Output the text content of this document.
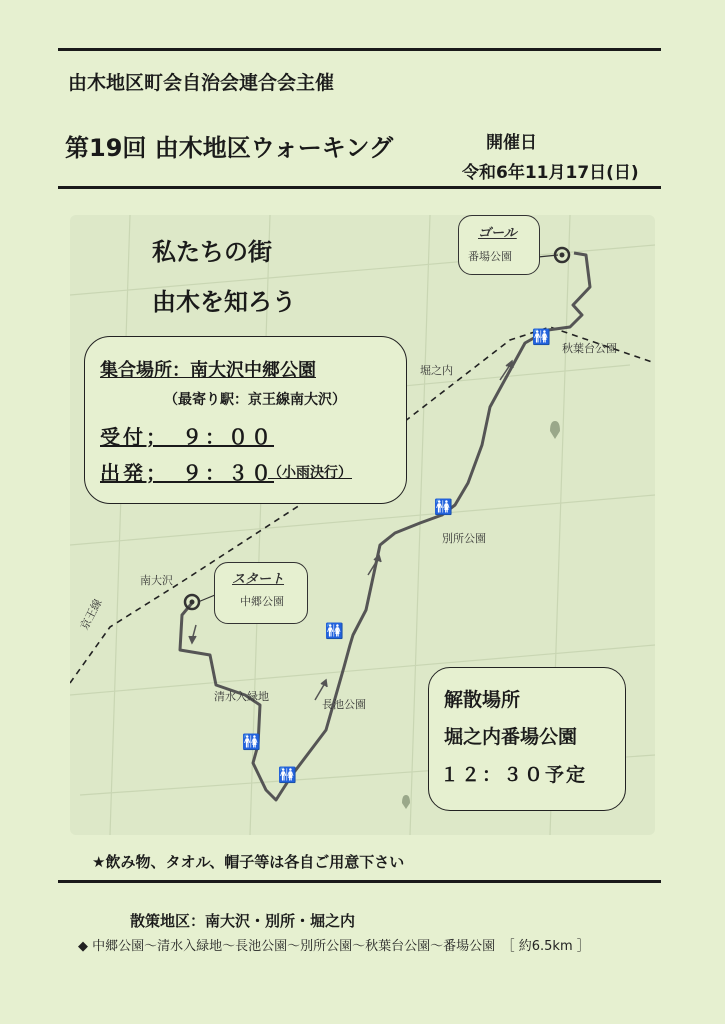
由木地区町会自治会連合会主催
第19回 由木地区ウォーキング	開催日
令和6年11月17日(日)
私たちの街
由木を知ろう
集合場所：南大沢中郷公園
（最寄り駅：京王線南大沢）
受付；　９：００
出発；　９：３０
（小雨決行）
解散場所
堀之内番場公園
１２：３０予定
ゴール
番場公園
スタート
中郷公園
南大沢
清水入緑地
長池公園
別所公園
堀之内
秋葉台公園
京王線
🚻
🚻
🚻
🚻
🚻
★飲み物、タオル、帽子等は各自ご用意下さい
散策地区：南大沢・別所・堀之内
◆ 中郷公園～清水入緑地～長池公園～別所公園～秋葉台公園～番場公園　［ 約6.5km ］
